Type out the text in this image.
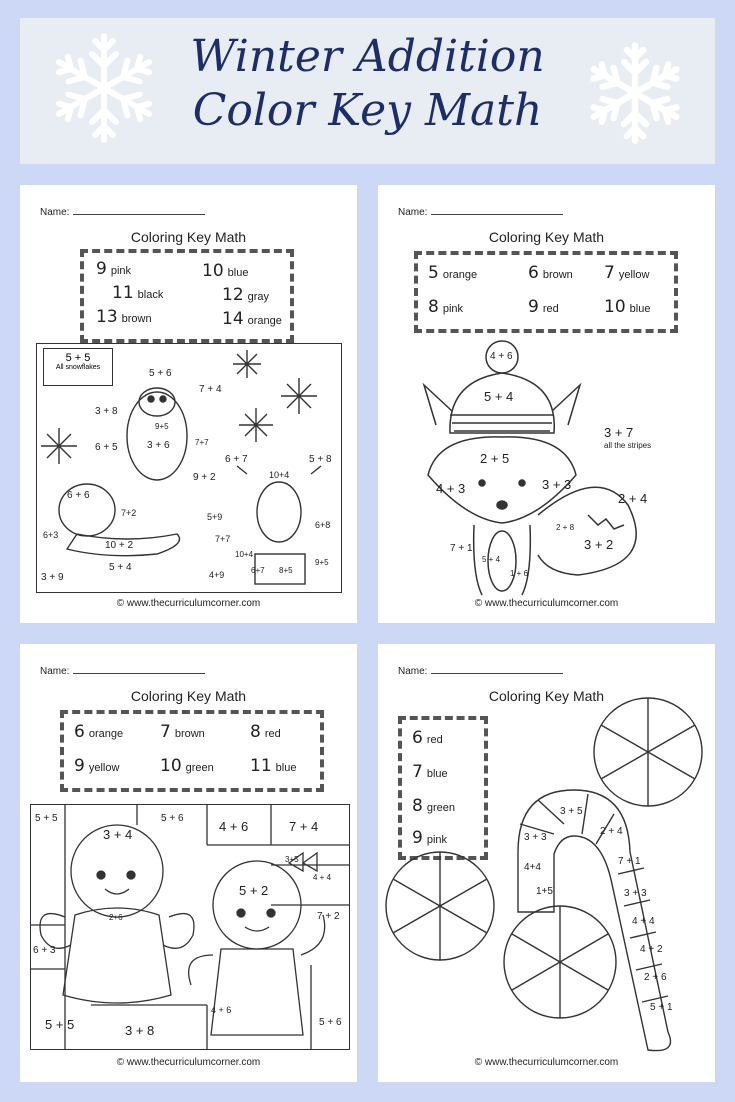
Winter Addition
Color Key Math
Name:
Coloring Key Math
9 pink	10 blue
11 black	12 gray
13 brown	14 orange
5 + 5
All snowflakes
5 + 6
7 + 4
3 + 8
6 + 5	3 + 6
9+5
7+7
9 + 2
6 + 7	5 + 8
10+4
6 + 6
7+2
6+3
10 + 2
5 + 4
3 + 9
5+9
7+7
6+8
4+9
10+4
6+7 8+5
9+5
© www.thecurriculumcorner.com
Name:
Coloring Key Math
5 orange	6 brown 7 yellow
8 pink	9 red	10 blue
4 + 6
5 + 4
3 + 7
all the stripes
2 + 5
4 + 3	3 + 3
2 + 4
3 + 2
2 + 8
7 + 1
5 + 4
1 + 6
© www.thecurriculumcorner.com
Name:
Coloring Key Math
6 orange 7 brown	8 red
9 yellow 10 green 11 blue
5 + 5
3 + 4
5 + 6
4 + 6	7 + 4
3+5
5 + 2
4 + 4
2+6	7 + 2
6 + 3
5 + 5	3 + 8
4 + 6
5 + 6
© www.thecurriculumcorner.com
Name:
Coloring Key Math
6 red
7 blue
8 green
9 pink
3 + 5
3 + 3
4+4
1+5
2 + 4
7 + 1
3 + 3
4 + 4
4 + 2
2 + 6
5 + 1
© www.thecurriculumcorner.com
